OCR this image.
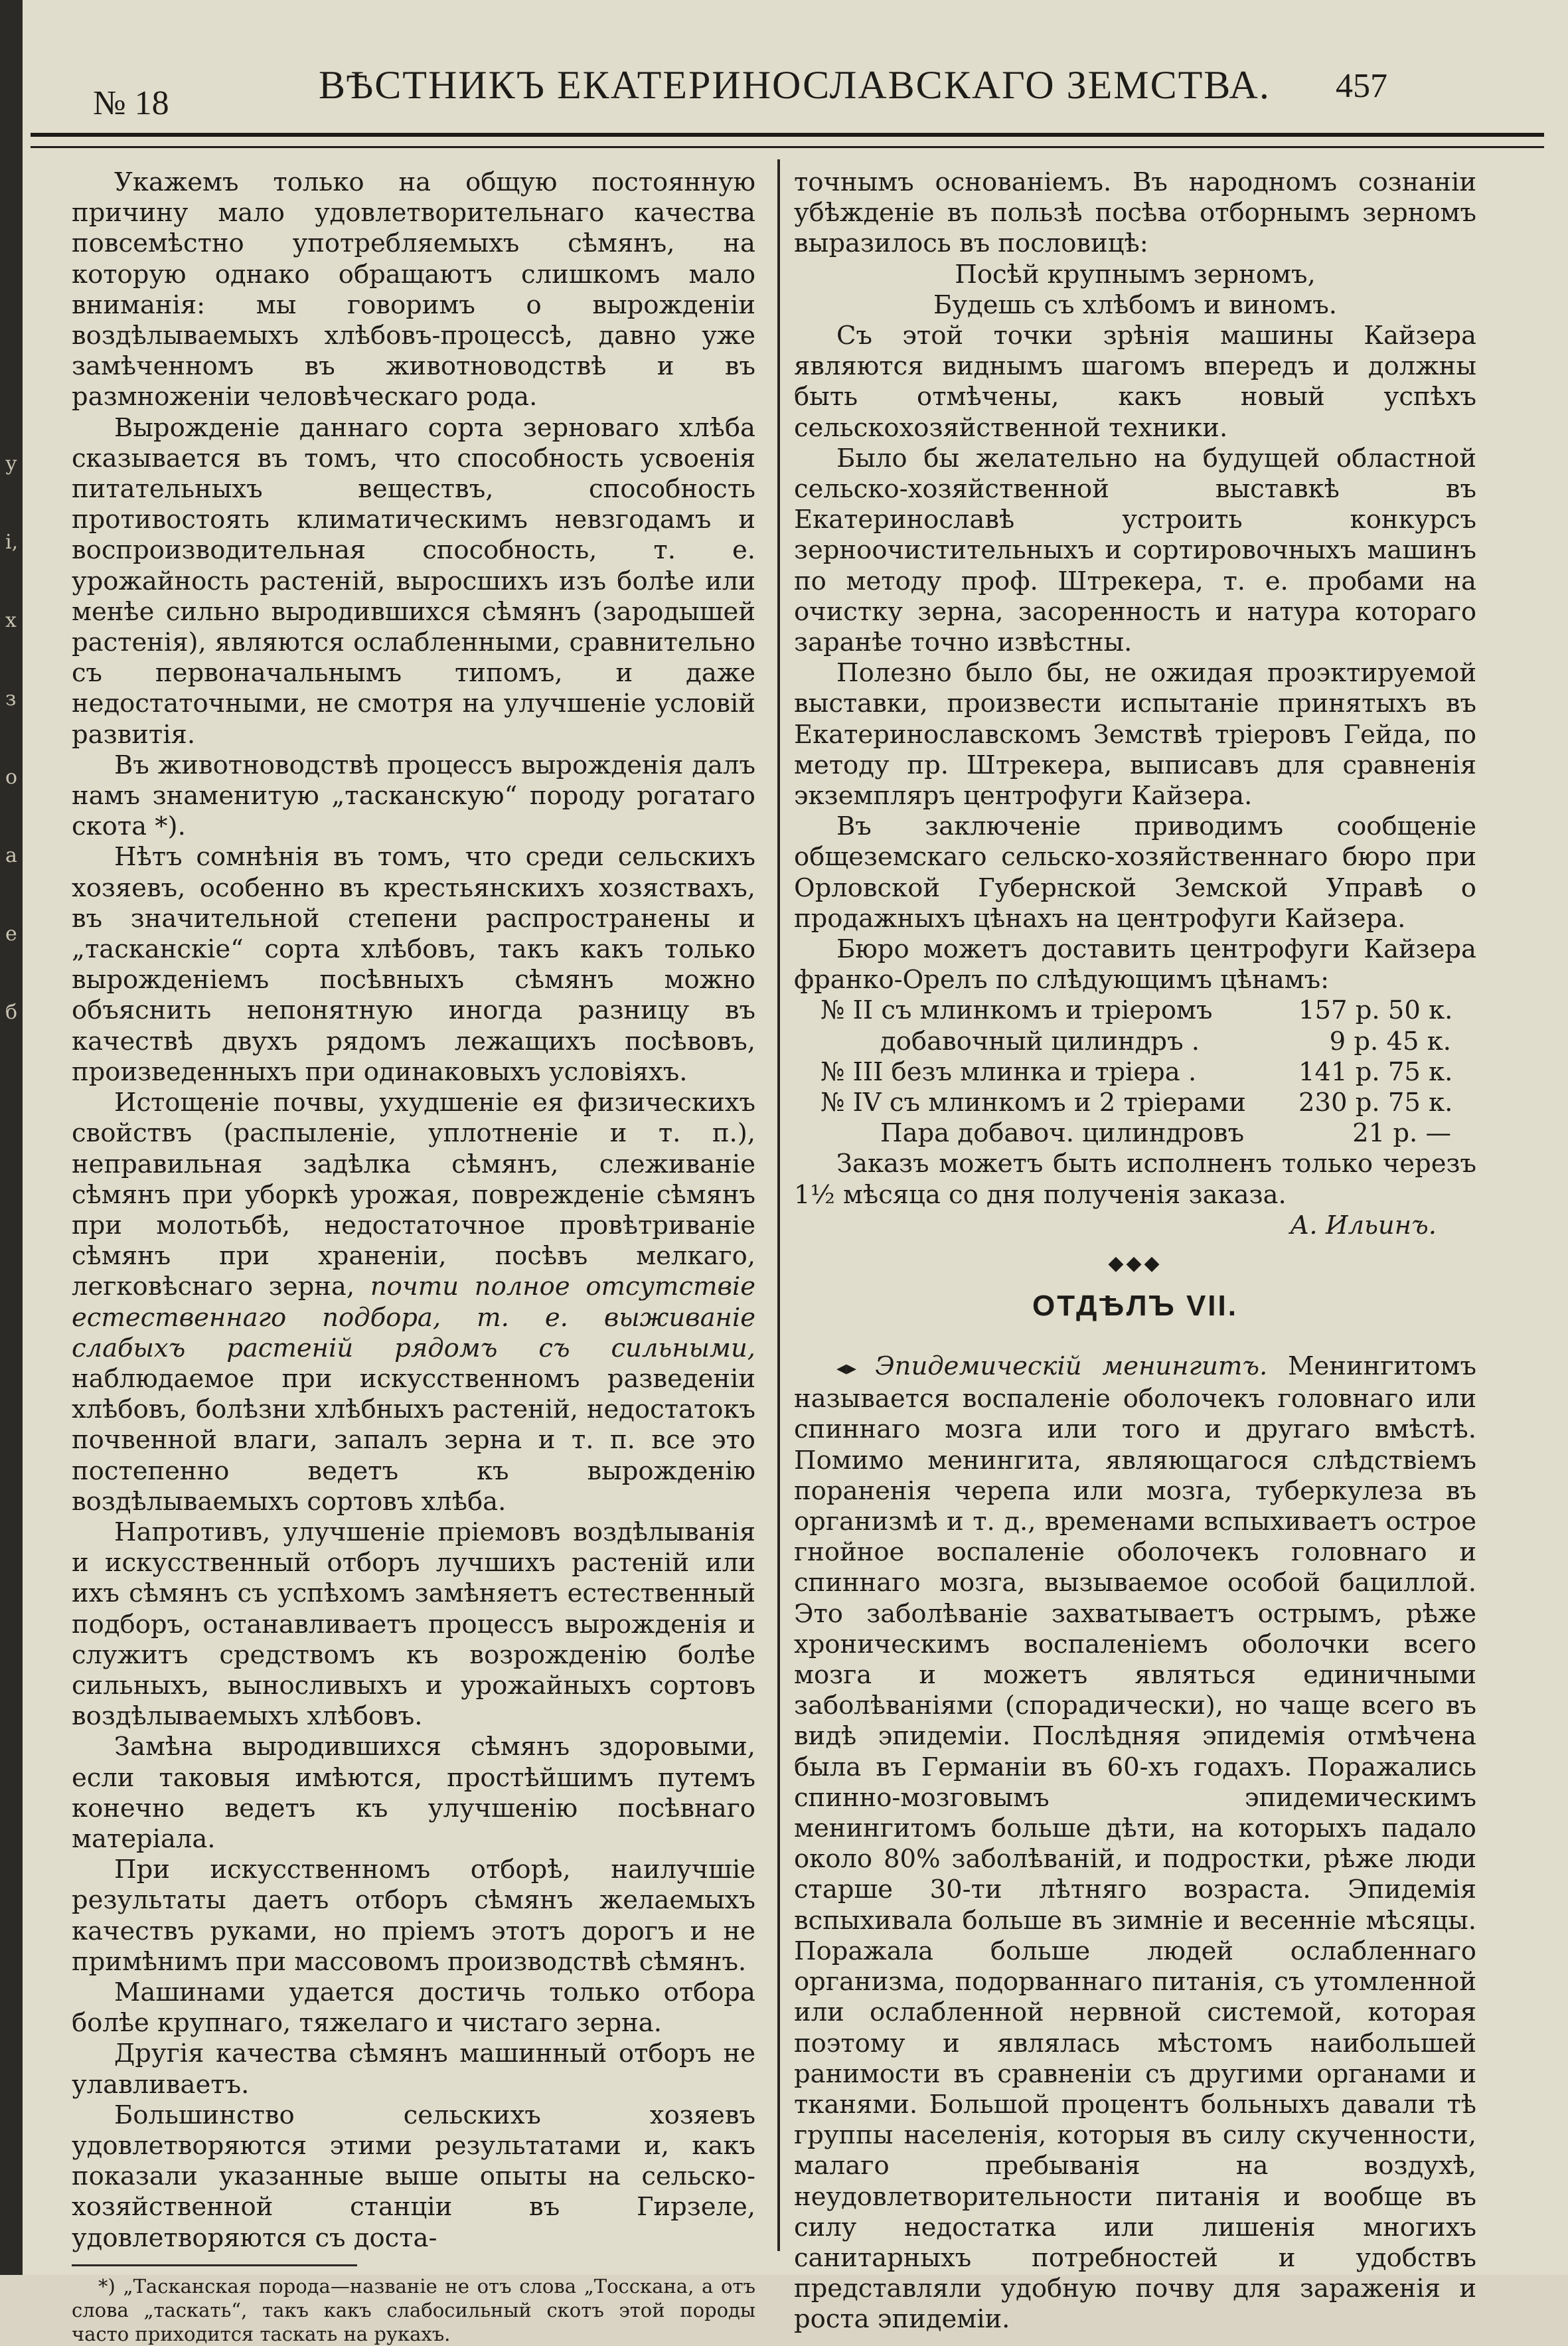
у і, х з о а е б
№ 18	ВѢСТНИКЪ ЕКАТЕРИНОСЛАВСКАГО ЗЕМСТВА. 457

Укажемъ только на общую постоянную причину мало удовлетворительнаго качества повсемѣстно употребляемыхъ сѣмянъ, на которую однако обращаютъ слишкомъ мало вниманія: мы говоримъ о вырожденіи воздѣлываемыхъ хлѣбовъ-процессѣ, давно уже замѣченномъ въ животноводствѣ и въ размноженіи человѣческаго рода.

Вырожденіе даннаго сорта зерноваго хлѣба сказывается въ томъ, что способность усвоенія питательныхъ веществъ, способность противостоять климатическимъ невзгодамъ и воспроизводительная способность, т. е. урожайность растеній, выросшихъ изъ болѣе или менѣе сильно выродившихся сѣмянъ (зародышей растенія), являются ослабленными, сравнительно съ первоначальнымъ типомъ, и даже недостаточными, не смотря на улучшеніе условій развитія.

Въ животноводствѣ процессъ вырожденія далъ намъ знаменитую „тасканскую“ породу рогатаго скота *).

Нѣтъ сомнѣнія въ томъ, что среди сельскихъ хозяевъ, особенно въ крестьянскихъ хозяствахъ, въ значительной степени распространены и „тасканскіе“ сорта хлѣбовъ, такъ какъ только вырожденіемъ посѣвныхъ сѣмянъ можно объяснить непонятную иногда разницу въ качествѣ двухъ рядомъ лежащихъ посѣвовъ, произведенныхъ при одинаковыхъ условіяхъ.

Истощеніе почвы, ухудшеніе ея физическихъ свойствъ (распыленіе, уплотненіе и т. п.), неправильная задѣлка сѣмянъ, слеживаніе сѣмянъ при уборкѣ урожая, поврежденіе сѣмянъ при молотьбѣ, недостаточное провѣтриваніе сѣмянъ при храненіи, посѣвъ мелкаго, легковѣснаго зерна, почти полное отсутствіе естественнаго подбора, т. е. выживаніе слабыхъ растеній рядомъ съ сильными, наблюдаемое при искусственномъ разведеніи хлѣбовъ, болѣзни хлѣбныхъ растеній, недостатокъ почвенной влаги, запалъ зерна и т. п. все это постепенно ведетъ къ вырожденію воздѣлываемыхъ сортовъ хлѣба.

Напротивъ, улучшеніе пріемовъ воздѣлыванія и искусственный отборъ лучшихъ растеній или ихъ сѣмянъ съ успѣхомъ замѣняетъ естественный подборъ, останавливаетъ процессъ вырожденія и служитъ средствомъ къ возрожденію болѣе сильныхъ, выносливыхъ и урожайныхъ сортовъ воздѣлываемыхъ хлѣбовъ.

Замѣна выродившихся сѣмянъ здоровыми, если таковыя имѣются, простѣйшимъ путемъ конечно ведетъ къ улучшенію посѣвнаго матеріала.

При искусственномъ отборѣ, наилучшіе результаты даетъ отборъ сѣмянъ желаемыхъ качествъ руками, но пріемъ этотъ дорогъ и не примѣнимъ при массовомъ производствѣ сѣмянъ.

Машинами удается достичь только отбора болѣе крупнаго, тяжелаго и чистаго зерна.

Другія качества сѣмянъ машинный отборъ не улавливаетъ.

Большинство сельскихъ хозяевъ удовлетворяются этими результатами и, какъ показали указанные выше опыты на сельско-хозяйственной станціи въ Гирзеле, удовлетворяются съ доста-

*) „Тасканская порода—названіе не отъ слова „Тосскана, а отъ слова „таскать“, такъ какъ слабосильный скотъ этой породы часто приходится таскать на рукахъ.

точнымъ основаніемъ. Въ народномъ сознаніи убѣжденіе въ пользѣ посѣва отборнымъ зерномъ выразилось въ пословицѣ:

Посѣй крупнымъ зерномъ,

Будешь съ хлѣбомъ и виномъ.

Съ этой точки зрѣнія машины Кайзера являются виднымъ шагомъ впередъ и должны быть отмѣчены, какъ новый успѣхъ сельскохозяйственной техники.

Было бы желательно на будущей областной сельско-хозяйственной выставкѣ въ Екатеринославѣ устроить конкурсъ зерноочистительныхъ и сортировочныхъ машинъ по методу проф. Штрекера, т. е. пробами на очистку зерна, засоренность и натура котораго заранѣе точно извѣстны.

Полезно было бы, не ожидая проэктируемой выставки, произвести испытаніе принятыхъ въ Екатеринославскомъ Земствѣ тріеровъ Гейда, по методу пр. Штрекера, выписавъ для сравненія экземпляръ центрофуги Кайзера.

Въ заключеніе приводимъ сообщеніе общеземскаго сельско-хозяйственнаго бюро при Орловской Губернской Земской Управѣ о продажныхъ цѣнахъ на центрофуги Кайзера.

Бюро можетъ доставить центрофуги Кайзера франко-Орелъ по слѣдующимъ цѣнамъ:

№ II съ млинкомъ и тріеромъ	157 р. 50 к.
добавочный цилиндръ .	9 р. 45 к.
№ III безъ млинка и тріера .	141 р. 75 к.
№ IV съ млинкомъ и 2 тріерами	230 р. 75 к.
Пара добавоч. цилиндровъ	21 р. —

Заказъ можетъ быть исполненъ только черезъ 1½ мѣсяца со дня полученія заказа.

А. Ильинъ.

◆◆◆
ОТДѢЛЪ VII.

◂▸ Эпидемическій менингитъ. Менингитомъ называется воспаленіе оболочекъ головнаго или спиннаго мозга или того и другаго вмѣстѣ. Помимо менингита, являющагося слѣдствіемъ пораненія черепа или мозга, туберкулеза въ организмѣ и т. д., временами вспыхиваетъ острое гнойное воспаленіе оболочекъ головнаго и спиннаго мозга, вызываемое особой бациллой. Это заболѣваніе захватываетъ острымъ, рѣже хроническимъ воспаленіемъ оболочки всего мозга и можетъ являться единичными заболѣваніями (спорадически), но чаще всего въ видѣ эпидеміи. Послѣдняя эпидемія отмѣчена была въ Германіи въ 60-хъ годахъ. Поражались спинно-мозговымъ эпидемическимъ менингитомъ больше дѣти, на которыхъ падало около 80% заболѣваній, и подростки, рѣже люди старше 30-ти лѣтняго возраста. Эпидемія вспыхивала больше въ зимніе и весенніе мѣсяцы. Поражала больше людей ослабленнаго организма, подорваннаго питанія, съ утомленной или ослабленной нервной системой, которая поэтому и являлась мѣстомъ наибольшей ранимости въ сравненіи съ другими органами и тканями. Большой процентъ больныхъ давали тѣ группы населенія, которыя въ силу скученности, малаго пребыванія на воздухѣ, неудовлетворительности питанія и вообще въ силу недостатка или лишенія многихъ санитарныхъ потребностей и удобствъ представляли удобную почву для зараженія и роста эпидеміи.
